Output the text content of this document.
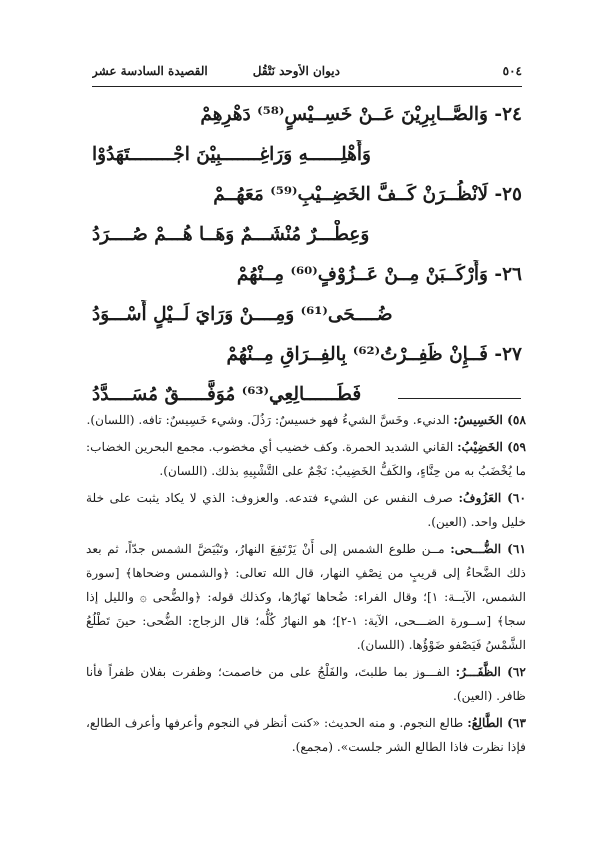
٥٠٤
ديوان الأوحد نَتْقُل
القصيدة السادسة عشر
٢٤- وَالصَّــابِرِيْنَ عَــنْ خَسِــيْسٍ⁽⁵⁸⁾ دَهْرِهِمْ
وَأَهْلِــــــهِ وَرَاغِـــــــبِيْنَ اجْــــــــتَهَدُوْا
٢٥- لَانْظُــرَنْ كَــفَّ الخَضِــيْبِ⁽⁵⁹⁾ مَعَهُــمْ
وَعِطْـــرٌ مُنْشَـــمٌ وَهَــا هُـــمْ صُــــرَدُ
٢٦- وَأَرْكَــبَنْ مِــنْ عَــزُوْفٍ⁽⁶⁰⁾ مِــنْهُمْ
ضُــــحَى⁽⁶¹⁾ وَمِــــنْ وَرَايَ لَــيْلٍ أَسْـــوَدُ
٢٧- فَــإِنْ ظَفِــرْتُ⁽⁶²⁾ بِالفِــرَاقِ مِــنْهُمْ
فَطَــــــالِعِي⁽⁶³⁾ مُوَفَّـــــقٌ مُسَــــدَّدُ

٥٨) الخَسِيسُ: الدنيء. وخَسَّ الشيءُ فهو خسيسٌ: رَذُلَ. وشيء خَسِيسٌ: تافه. (اللسان).

٥٩) الخَضِيْبُ: القاني الشديد الحمرة. وكف خضيب أي مخضوب. مجمع البحرين الخضاب: ما يُخْضَبُ به من حِنَّاءٍ، والكَفُّ الخَضِيبُ: نَجْمٌ على التَّشْبِيهِ بذلك. (اللسان).

٦٠) العَزُوفُ: صرف النفس عن الشيء فتدعه. والعزوف: الذي لا يكاد يثبت على خلة خليل واحد. (العين).

٦١) الضُّـــحى: مــن طلوع الشمس إلى أَنْ يَرْتَفِعَ النهارُ، وتَبْيَضَّ الشمس جدّاً، ثم بعد ذلك الضَّحاءُ إلى قريبٍ من نِصْفِ النهار، قال الله تعالى: ﴿والشمس وضحاها﴾ [سورة الشمس، الآيــة: ١]؛ وقال الفراء: ضُحاها نَهارُها، وكذلك قوله: ﴿والضُّحى ۞ والليل إذا سجا﴾ [ســورة الضـــحى، الآية: ١-٢]؛ هو النهارُ كُلُّه؛ قال الزجاج: الضُّحى: حينَ تَطْلُعُ الشَّمْسُ فَيَصْفو ضَوْؤُها. (اللسان).

٦٢) الظَّفَـــرُ: الفـــوز بما طلبتَ، والفَلْجُ على من خاصمت؛ وظفرت بفلان ظفراً فأنا ظافر. (العين).

٦٣) الطَّالِعُ: طالع النجوم. و منه الحديث: «كنت أنظر في النجوم وأعرفها وأعرف الطالع، فإذا نظرت فاذا الطالع الشر جلست». (مجمع).
